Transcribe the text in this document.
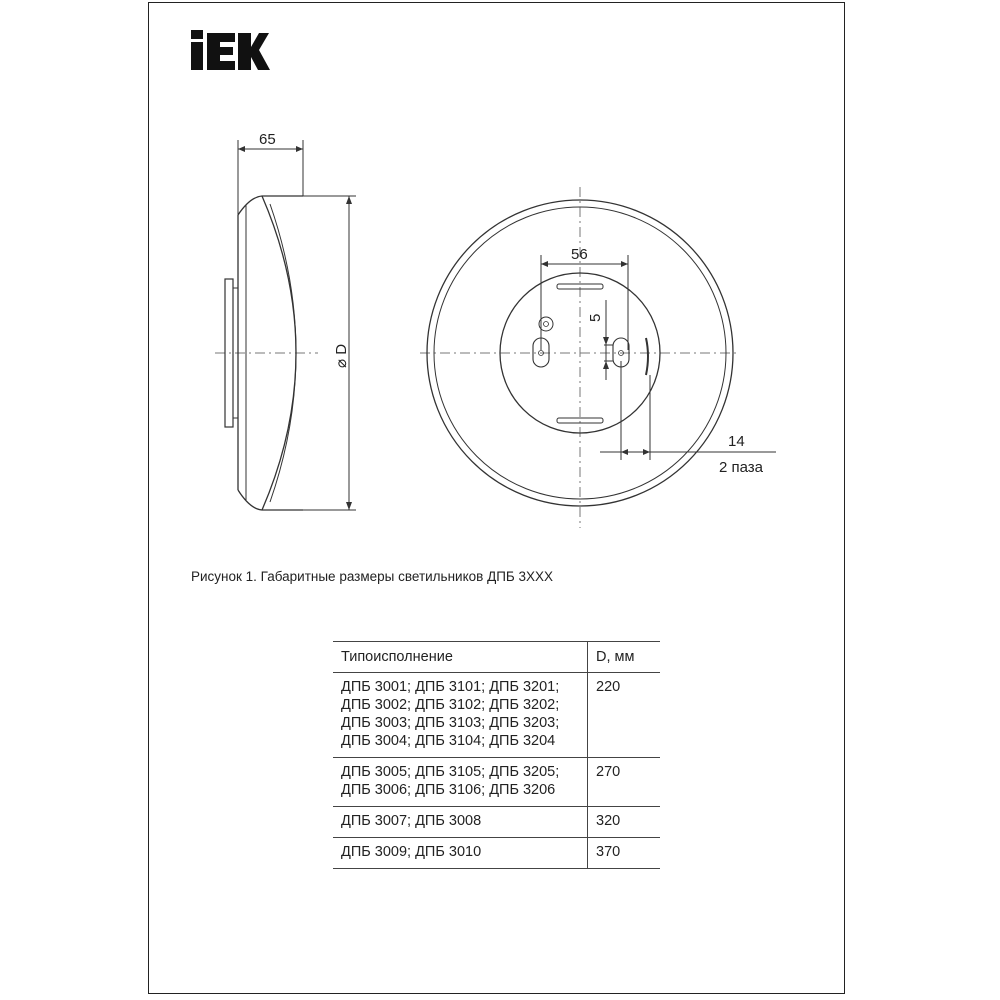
65
⌀ D
56
5
14
2 паза
Рисунок 1. Габаритные размеры светильников ДПБ 3ХХХ
Типоисполнение	D, мм

ДПБ 3001; ДПБ 3101; ДПБ 3201;
ДПБ 3002; ДПБ 3102; ДПБ 3202;
ДПБ 3003; ДПБ 3103; ДПБ 3203;
ДПБ 3004; ДПБ 3104; ДПБ 3204	220

ДПБ 3005; ДПБ 3105; ДПБ 3205;
ДПБ 3006; ДПБ 3106; ДПБ 3206	270

ДПБ 3007; ДПБ 3008	320

ДПБ 3009; ДПБ 3010	370
